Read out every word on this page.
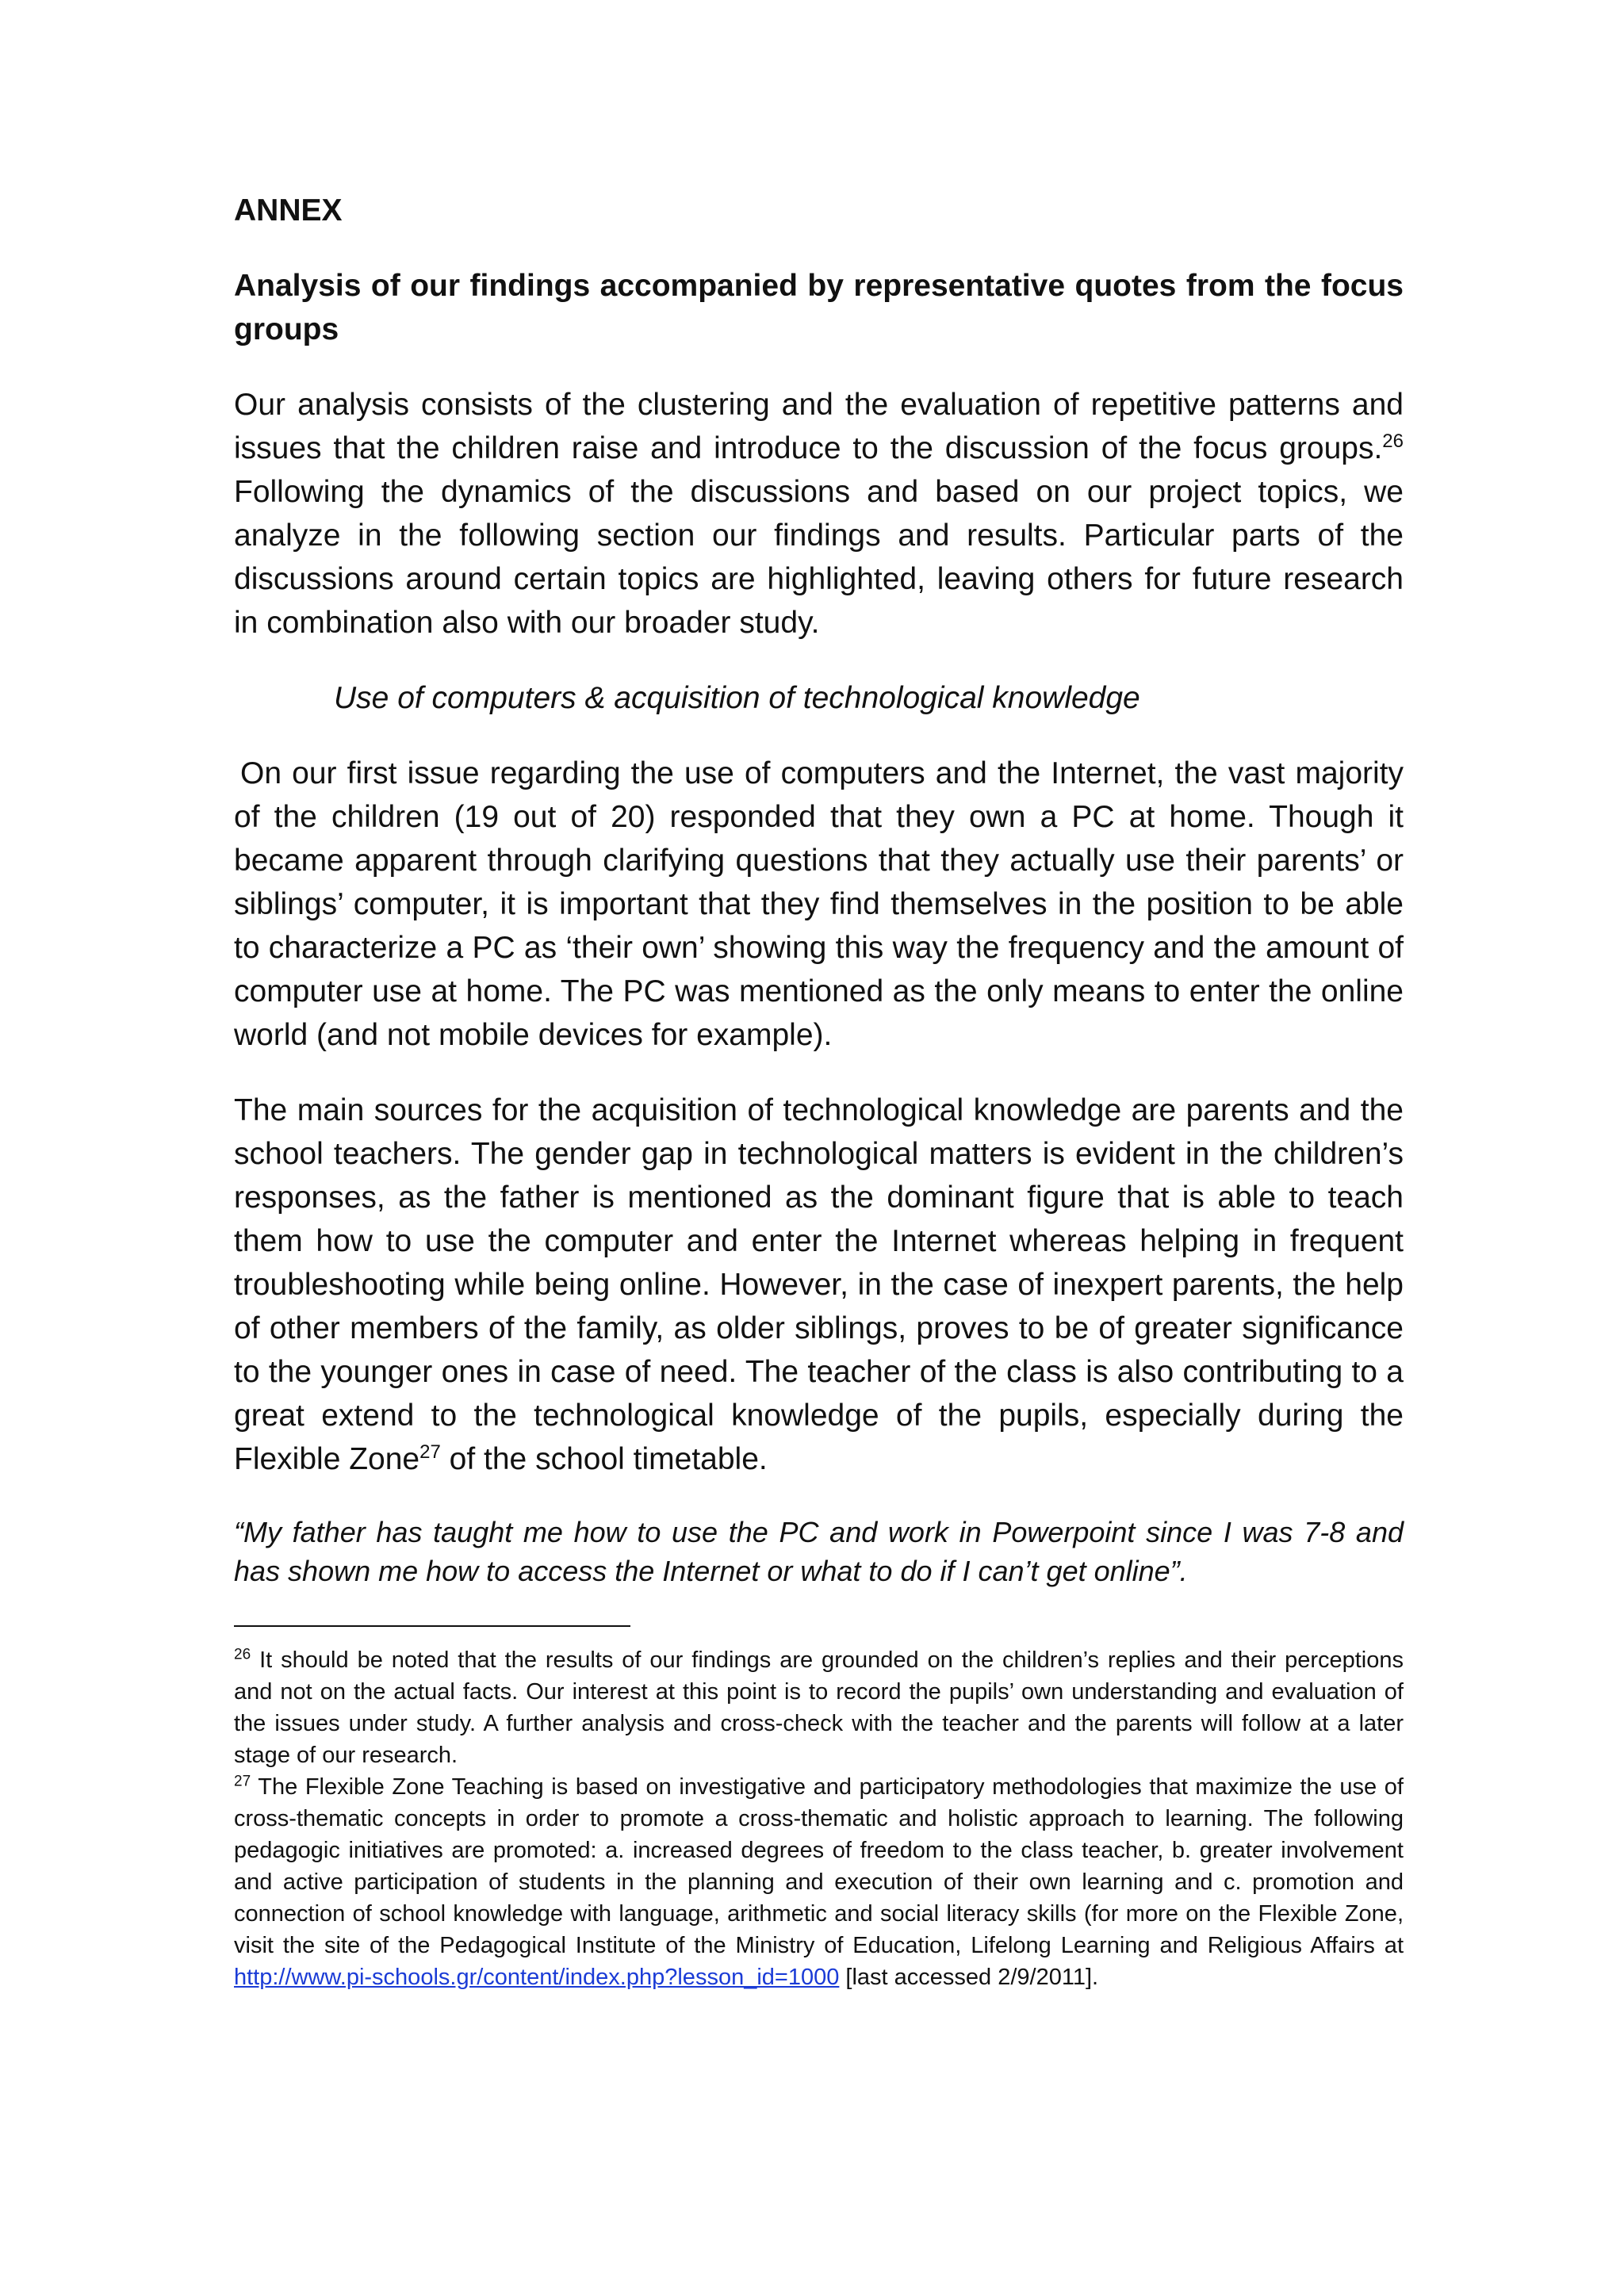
ANNEX
Analysis of our findings accompanied by representative quotes from the focus groups

Our analysis consists of the clustering and the evaluation of repetitive patterns and issues that the children raise and introduce to the discussion of the focus groups.$^{26}$ Following the dynamics of the discussions and based on our project topics, we analyze in the following section our findings and results. Particular parts of the discussions around certain topics are highlighted, leaving others for future research in combination also with our broader study.

Use of computers & acquisition of technological knowledge

On our first issue regarding the use of computers and the Internet, the vast majority of the children (19 out of 20) responded that they own a PC at home. Though it became apparent through clarifying questions that they actually use their parents’ or siblings’ computer, it is important that they find themselves in the position to be able to characterize a PC as ‘their own’ showing this way the frequency and the amount of computer use at home. The PC was mentioned as the only means to enter the online world (and not mobile devices for example).

The main sources for the acquisition of technological knowledge are parents and the school teachers. The gender gap in technological matters is evident in the children’s responses, as the father is mentioned as the dominant figure that is able to teach them how to use the computer and enter the Internet whereas helping in frequent troubleshooting while being online. However, in the case of inexpert parents, the help of other members of the family, as older siblings, proves to be of greater significance to the younger ones in case of need. The teacher of the class is also contributing to a great extend to the technological knowledge of the pupils, especially during the Flexible Zone$^{27}$ of the school timetable.

“My father has taught me how to use the PC and work in Powerpoint since I was 7-8 and has shown me how to access the Internet or what to do if I can’t get online”.

$^{26}$ It should be noted that the results of our findings are grounded on the children’s replies and their perceptions and not on the actual facts. Our interest at this point is to record the pupils’ own understanding and evaluation of the issues under study. A further analysis and cross-check with the teacher and the parents will follow at a later stage of our research.

$^{27}$ The Flexible Zone Teaching is based on investigative and participatory methodologies that maximize the use of cross-thematic concepts in order to promote a cross-thematic and holistic approach to learning. The following pedagogic initiatives are promoted: a. increased degrees of freedom to the class teacher, b. greater involvement and active participation of students in the planning and execution of their own learning and c. promotion and connection of school knowledge with language, arithmetic and social literacy skills (for more on the Flexible Zone, visit the site of the Pedagogical Institute of the Ministry of Education, Lifelong Learning and Religious Affairs at http://www.pi-schools.gr/content/index.php?lesson_id=1000 [last accessed 2/9/2011].
